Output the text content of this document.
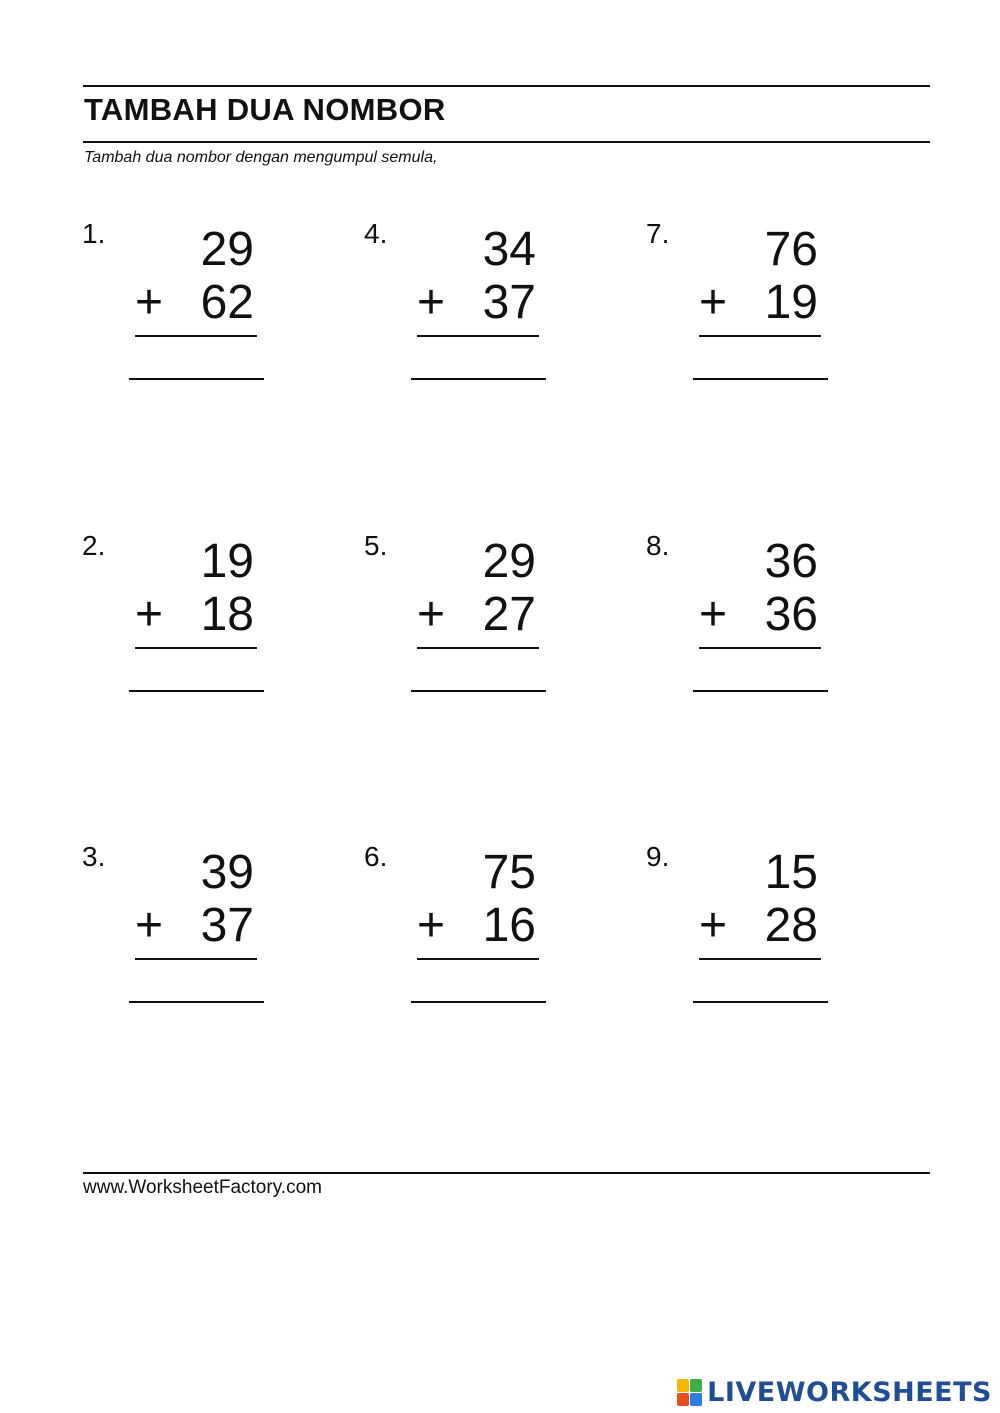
TAMBAH DUA NOMBOR
Tambah dua nombor dengan mengumpul semula,
1. 29
+ 62
2. 19
+ 18
3. 39
+ 37
4. 34
+ 37
5. 29
+ 27
6. 75
+ 16
7. 76
+ 19
8. 36
+ 36
9. 15
+ 28
www.WorksheetFactory.com
LIVEWORKSHEETS
